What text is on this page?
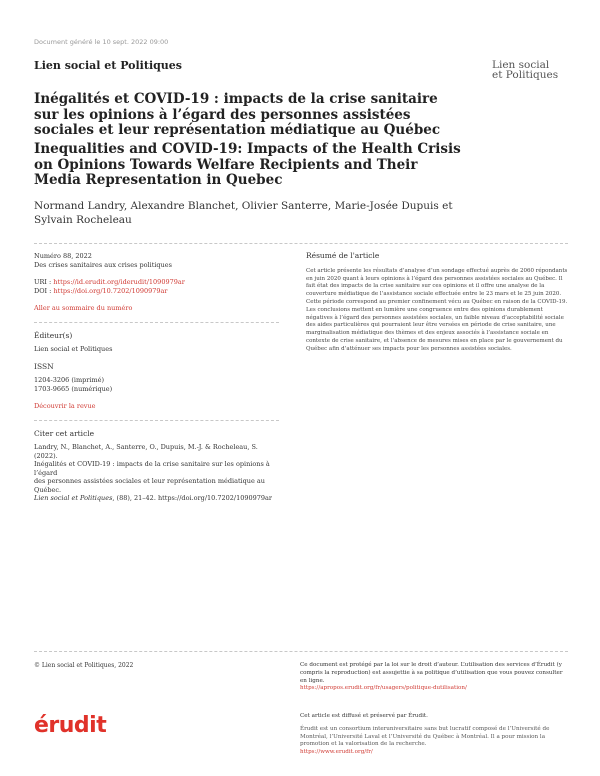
Document généré le 10 sept. 2022 09:00
Lien social et Politiques	Lien social
et Politiques
Inégalités et COVID-19 : impacts de la crise sanitaire sur les opinions à l’égard des personnes assistées sociales et leur représentation médiatique au Québec
Inequalities and COVID-19: Impacts of the Health Crisis on Opinions Towards Welfare Recipients and Their Media Representation in Quebec
Normand Landry, Alexandre Blanchet, Olivier Santerre, Marie-Josée Dupuis et
Sylvain Rocheleau
Numéro 88, 2022
Des crises sanitaires aux crises politiques
URI : https://id.erudit.org/iderudit/1090979ar
DOI : https://doi.org/10.7202/1090979ar
Aller au sommaire du numéro
Éditeur(s)
Lien social et Politiques
ISSN
1204-3206 (imprimé)
1703-9665 (numérique)
Découvrir la revue
Citer cet article
Landry, N., Blanchet, A., Santerre, O., Dupuis, M.-J. & Rocheleau, S. (2022).
Inégalités et COVID-19 : impacts de la crise sanitaire sur les opinions à l’égard
des personnes assistées sociales et leur représentation médiatique au Québec.
Lien social et Politiques, (88), 21–42. https://doi.org/10.7202/1090979ar
Résumé de l'article
Cet article présente les résultats d’analyse d’un sondage effectué auprès de 2060 répondants en juin 2020 quant à leurs opinions à l’égard des personnes assistées sociales au Québec. Il fait état des impacts de la crise sanitaire sur ces opinions et il offre une analyse de la couverture médiatique de l’assistance sociale effectuée entre le 23 mars et le 25 juin 2020. Cette période correspond au premier confinement vécu au Québec en raison de la COVID-19. Les conclusions mettent en lumière une congruence entre des opinions durablement négatives à l’égard des personnes assistées sociales, un faible niveau d’acceptabilité sociale des aides particulières qui pourraient leur être versées en période de crise sanitaire, une marginalisation médiatique des thèmes et des enjeux associés à l’assistance sociale en contexte de crise sanitaire, et l’absence de mesures mises en place par le gouvernement du Québec afin d’atténuer ses impacts pour les personnes assistées sociales.
© Lien social et Politiques, 2022	Ce document est protégé par la loi sur le droit d’auteur. L’utilisation des services d’Érudit (y compris la reproduction) est assujettie à sa politique d’utilisation que vous pouvez consulter en ligne.
https://apropos.erudit.org/fr/usagers/politique-dutilisation/
érudit	Cet article est diffusé et préservé par Érudit.
Érudit est un consortium interuniversitaire sans but lucratif composé de l’Université de Montréal, l’Université Laval et l’Université du Québec à Montréal. Il a pour mission la promotion et la valorisation de la recherche.
https://www.erudit.org/fr/
